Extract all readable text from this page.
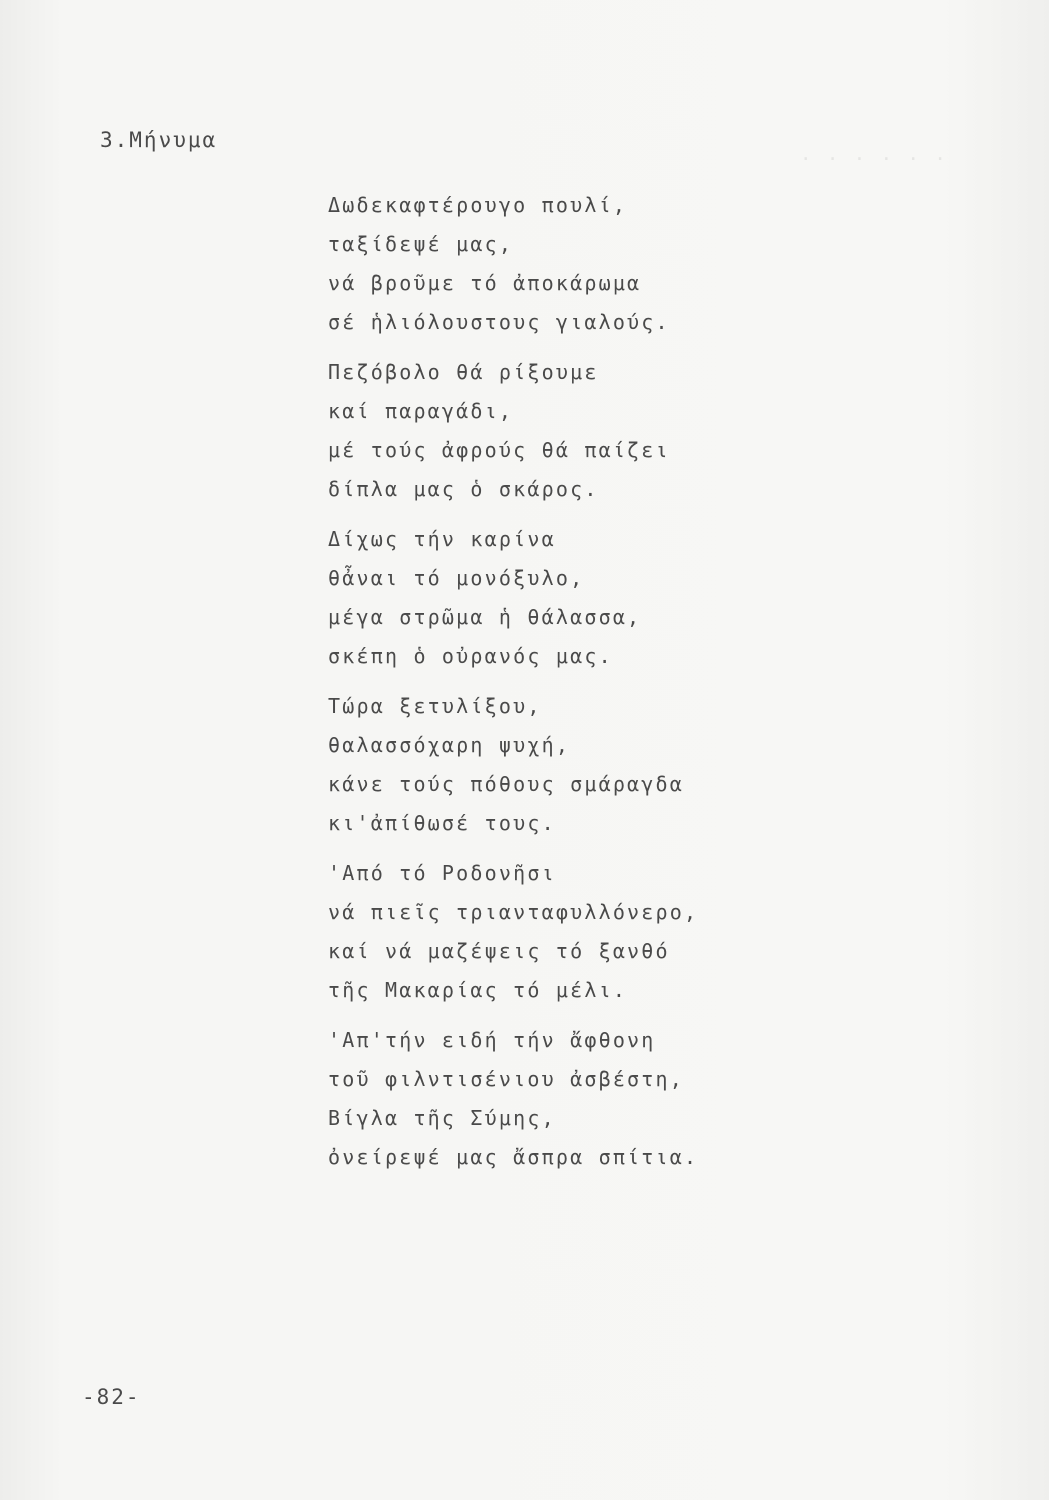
· · · · · ·
3.Μήνυμα
Δωδεκαφτέρουγο πουλί,
ταξίδεψέ μας,
νά βροῦμε τό ἀποκάρωμα
σέ ἡλιόλουστους γιαλούς.
Πεζόβολο θά ρίξουμε
καί παραγάδι,
μέ τούς ἀφρούς θά παίζει
δίπλα μας ὁ σκάρος.
Δίχως τήν καρίνα
θἆναι τό μονόξυλο,
μέγα στρῶμα ἡ θάλασσα,
σκέπη ὁ οὐρανός μας.
Τώρα ξετυλίξου,
θαλασσόχαρη ψυχή,
κάνε τούς πόθους σμάραγδα
κι'ἀπίθωσέ τους.
'Από τό Ροδονῆσι
νά πιεῖς τριανταφυλλόνερο,
καί νά μαζέψεις τό ξανθό
τῆς Μακαρίας τό μέλι.
'Απ'τήν ειδή τήν ἄφθονη
τοῦ φιλντισένιου ἀσβέστη,
Βίγλα τῆς Σύμης,
ὀνείρεψέ μας ἄσπρα σπίτια.
-82-
